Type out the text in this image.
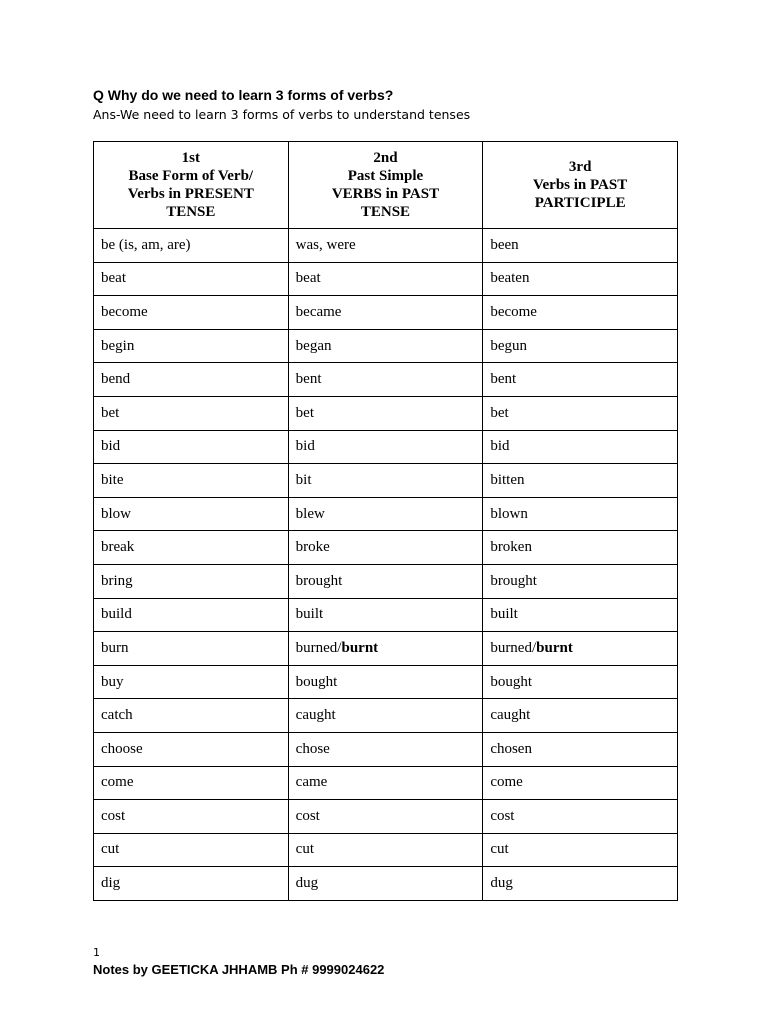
Q Why do we need to learn 3 forms of verbs?

Ans-We need to learn 3 forms of verbs to understand tenses

1st
Base Form of Verb/
Verbs in PRESENT
TENSE	2nd
Past Simple
VERBS in PAST
TENSE	3rd
Verbs in PAST
PARTICIPLE

be (is, am, are)	was, were	been
beat	beat	beaten
become	became	become
begin	began	begun
bend	bent	bent
bet	bet	bet
bid	bid	bid
bite	bit	bitten
blow	blew	blown
break	broke	broken
bring	brought	brought
build	built	built
burn	burned/burnt	burned/burnt
buy	bought	bought
catch	caught	caught
choose	chose	chosen
come	came	come
cost	cost	cost
cut	cut	cut
dig	dug	dug
1
Notes by GEETICKA JHHAMB Ph # 9999024622
